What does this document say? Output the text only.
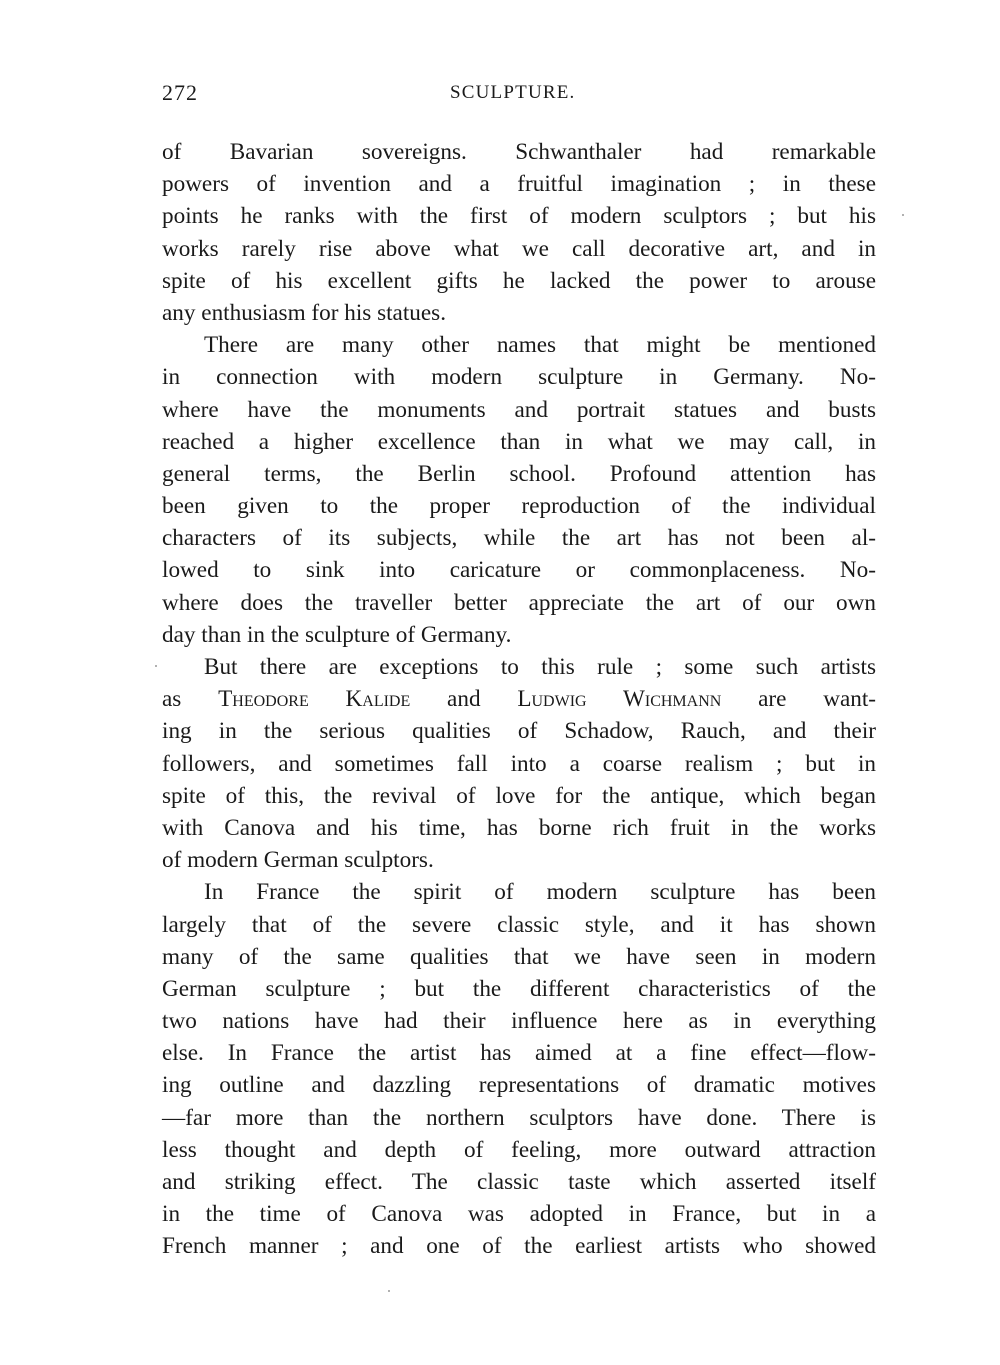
272	SCULPTURE.
of Bavarian sovereigns. Schwanthaler had remarkable
powers of invention and a fruitful imagination ; in these
points he ranks with the first of modern sculptors ; but his
works rarely rise above what we call decorative art, and in
spite of his excellent gifts he lacked the power to arouse
any enthusiasm for his statues.
There are many other names that might be mentioned
in connection with modern sculpture in Germany. No-
where have the monuments and portrait statues and busts
reached a higher excellence than in what we may call, in
general terms, the Berlin school. Profound attention has
been given to the proper reproduction of the individual
characters of its subjects, while the art has not been al-
lowed to sink into caricature or commonplaceness. No-
where does the traveller better appreciate the art of our own
day than in the sculpture of Germany.
But there are exceptions to this rule ; some such artists
as Theodore Kalide and Ludwig Wichmann are want-
ing in the serious qualities of Schadow, Rauch, and their
followers, and sometimes fall into a coarse realism ; but in
spite of this, the revival of love for the antique, which began
with Canova and his time, has borne rich fruit in the works
of modern German sculptors.
In France the spirit of modern sculpture has been
largely that of the severe classic style, and it has shown
many of the same qualities that we have seen in modern
German sculpture ; but the different characteristics of the
two nations have had their influence here as in everything
else. In France the artist has aimed at a fine effect—flow-
ing outline and dazzling representations of dramatic motives
—far more than the northern sculptors have done. There is
less thought and depth of feeling, more outward attraction
and striking effect. The classic taste which asserted itself
in the time of Canova was adopted in France, but in a
French manner ; and one of the earliest artists who showed
